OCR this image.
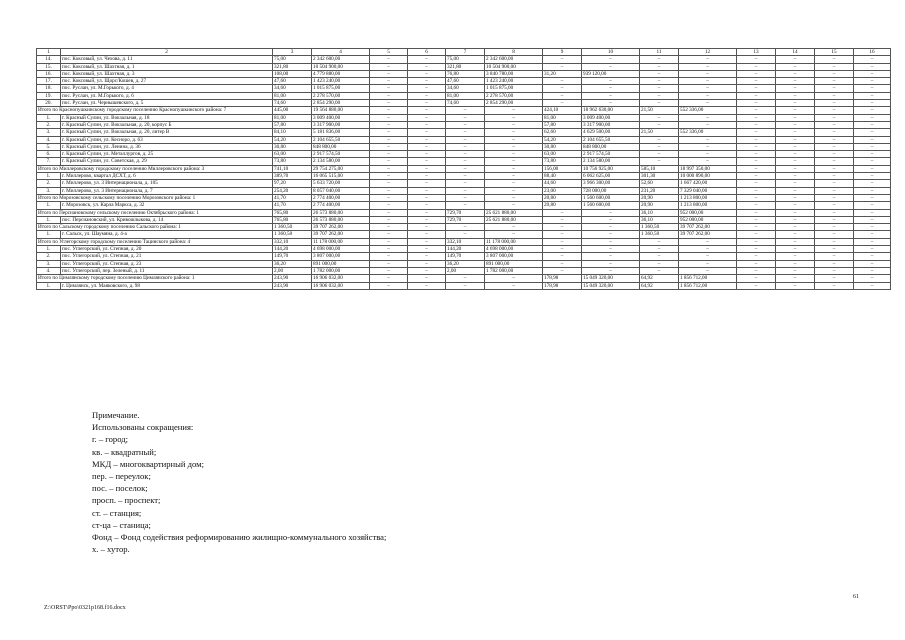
1	2	3	4	5	6	7	8	9	10	11	12	13	14	15	16
14.	пос. Коксовый, ул. Чехова, д. 11	75,00	2 342 600,00	–	–	75,00	2 342 600,00	–	–	–	–	–	–	–	–
15.	пос. Коксовый, ул. Шахтная, д. 1	321,80	10 504 900,00	–	–	321,80	10 504 900,00	–	–	–	–	–	–	–	–
16.	пос. Коксовый, ул. Шахтная, д. 3	108,00	4 779 880,00	–	–	76,80	3 840 780,00	31,20	939 120,00	–	–	–	–	–	–
17.	пос. Коксовый, ул. Щорс/Кошев, д. 27	47,60	1 423 240,00	–	–	47,60	1 423 240,00	–	–	–	–	–	–	–	–
18.	пос. Руслан, ул. М.Горького, д. 4	34,60	1 015 875,00	–	–	34,60	1 015 875,00	–	–	–	–	–	–	–	–
19.	пос. Руслан, ул. М.Горького, д. 6	81,00	2 278 570,00	–	–	81,00	2 278 570,00	–	–	–	–	–	–	–	–
20.	пос. Руслан, ул. Чернышевского, д. 5	74,60	2 854 290,00	–	–	74,60	2 854 290,00	–	–	–	–	–	–	–	–
Итого по Краснопушкинскому городскому поселению Краснопушкинского района: 7		445,00	19 564 880,00	–	–	–	–	424,10	18 962 630,00	21,50	552 336,00	–	–	–	–
1.	г. Красный Сулин, ул. Вокзальная, д. 18	81,00	3 009 400,00	–	–	–	–	81,00	3 009 400,00	–	–	–	–	–	–
2.	г. Красный Сулин, ул. Вокзальная, д. 20, корпус Б	57,80	3 317 900,00	–	–	–	–	57,80	3 317 900,00	–	–	–	–	–	–
3.	г. Красный Сулин, ул. Вокзальная, д. 20, литер В	84,10	5 181 836,00	–	–	–	–	62,60	4 629 500,00	21,50	552 336,00	–	–	–	–
4.	г. Красный Сулин, ул. Кесноро, д. 63	54,20	2 104 655,50	–	–	–	–	54,20	2 104 655,50	–	–	–	–	–	–
5.	г. Красный Сулин, ул. Ленина, д. 36	30,80	848 800,00	–	–	–	–	30,80	848 800,00	–	–	–	–	–	–
6.	г. Красный Сулин, ул. Металлургов, д. 25	63,00	2 917 574,50	–	–	–	–	63,00	2 917 574,50	–	–	–	–	–	–
7.	г. Красный Сулин, ул. Советская, д. 29	73,80	2 134 580,00	–	–	–	–	73,80	2 134 580,00	–	–	–	–	–	–
Итого по Миллеровскому городскому поселению Миллеровского района: 3		741,10	29 754 275,00	–	–	–	–	156,00	10 756 925,00	585,10	18 997 350,00	–	–	–	–
1.	г. Миллерово, квартал ДСХТ, д. 6	389,70	16 065 515,00	–	–	–	–	88,40	6 062 625,00	301,30	10 000 890,00	–	–	–	–
2.	г. Миллерово, ул. 3 Интернационала, д. 105	97,20	5 633 720,00	–	–	–	–	44,60	3 966 300,00	52,60	1 667 420,00	–	–	–	–
3.	г. Миллерово, ул. 3 Интернационала, д. 7	254,20	8 057 040,00	–	–	–	–	23,00	728 000,00	231,20	7 329 040,00	–	–	–	–
Итого по Морозовскому сельскому поселению Морозовского района: 1		41,70	2 774 400,00	–	–	–	–	20,80	1 560 600,00	20,90	1 213 800,00	–	–	–	–
1.	г. Морозовск, ул. Карла Маркса, д. 32	41,70	2 774 400,00	–	–	–	–	20,80	1 560 600,00	20,90	1 213 800,00	–	–	–	–
Итого по Персиановскому сельскому поселению Октябрьского района: 1		765,80	26 573 880,00	–	–	729,70	25 621 880,00	–	–	36,10	952 000,00	–	–	–	–
1.	пос. Персиановский, ул. Кривошлыкова, д. 14	765,80	26 573 880,00	–	–	729,70	25 621 880,00	–	–	36,10	952 000,00	–	–	–	–
Итого по Сальскому городскому поселению Сальского района: 1		1 360,50	39 707 262,00	–	–	–	–	–	–	1 360,50	39 707 262,00	–	–	–	–
1.	г. Сальск, ул. Шаумяна, д. 4-а	1 360,50	39 707 262,00	–	–	–	–	–	–	1 360,50	39 707 262,00	–	–	–	–
Итого по Углегорскому городскому поселению Тацинского района: 4		332,10	11 178 000,00	–	–	332,10	11 178 000,00	–	–	–	–	–	–	–	–
1.	пос. Углегорский, ул. Степная, д. 20	144,20	4 698 000,00	–	–	144,20	4 698 000,00	–	–	–	–	–	–	–	–
2.	пос. Углегорский, ул. Степная, д. 21	149,70	3 807 000,00	–	–	149,70	3 807 000,00	–	–	–	–	–	–	–	–
3.	пос. Углегорский, ул. Степная, д. 23	36,20	891 000,00	–	–	36,20	891 000,00	–	–	–	–	–	–	–	–
4.	пос. Углегорский, пер. Зеленый, д. 11	2,00	1 782 000,00	–	–	2,00	1 782 000,00	–	–	–	–	–	–	–	–
Итого по Цимлянскому городскому поселению Цимлянского района: 1		243,90	16 906 032,00	–	–	–	–	178,98	15 049 320,00	64,92	1 856 712,00	–	–	–	–
1.	г. Цимлянск, ул. Маяковского, д. 98	243,90	16 906 032,00	–	–	–	–	178,98	15 049 320,00	64,92	1 856 712,00	–	–	–	–
Примечание.
Использованы сокращения:
г. – город;
кв. – квадратный;
МКД – многоквартирный дом;
пер. – переулок;
пос. – поселок;
просп. – проспект;
ст. – станция;
ст-ца – станица;
Фонд – Фонд содействия реформированию жилищно-коммунального хозяйства;
х. – хутор.
61
Z:\ORST\Ppo\0321p168.f16.docx
